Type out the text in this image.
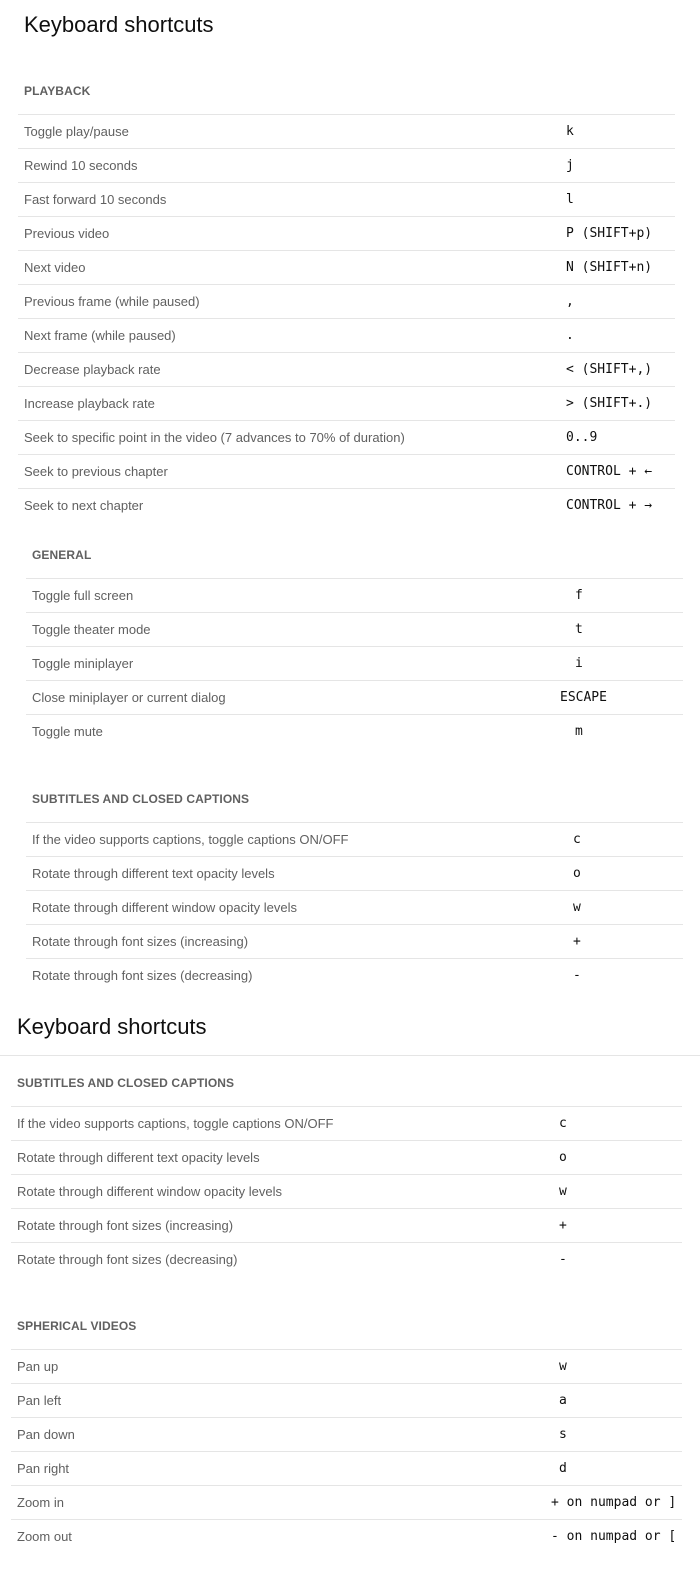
Keyboard shortcuts
PLAYBACK
Toggle play/pause	k
Rewind 10 seconds	j
Fast forward 10 seconds	l
Previous video	P (SHIFT+p)
Next video	N (SHIFT+n)
Previous frame (while paused)	,
Next frame (while paused)	.
Decrease playback rate	< (SHIFT+,)
Increase playback rate	> (SHIFT+.)
Seek to specific point in the video (7 advances to 70% of duration)	0..9
Seek to previous chapter	CONTROL + ←
Seek to next chapter	CONTROL + →
GENERAL
Toggle full screen	f
Toggle theater mode	t
Toggle miniplayer	i
Close miniplayer or current dialog	ESCAPE
Toggle mute	m
SUBTITLES AND CLOSED CAPTIONS
If the video supports captions, toggle captions ON/OFF	c
Rotate through different text opacity levels	o
Rotate through different window opacity levels	w
Rotate through font sizes (increasing)	+
Rotate through font sizes (decreasing)	-
Keyboard shortcuts
SUBTITLES AND CLOSED CAPTIONS
If the video supports captions, toggle captions ON/OFF	c
Rotate through different text opacity levels	o
Rotate through different window opacity levels	w
Rotate through font sizes (increasing)	+
Rotate through font sizes (decreasing)	-
SPHERICAL VIDEOS
Pan up	w
Pan left	a
Pan down	s
Pan right	d
Zoom in	+ on numpad or ]
Zoom out	- on numpad or [
